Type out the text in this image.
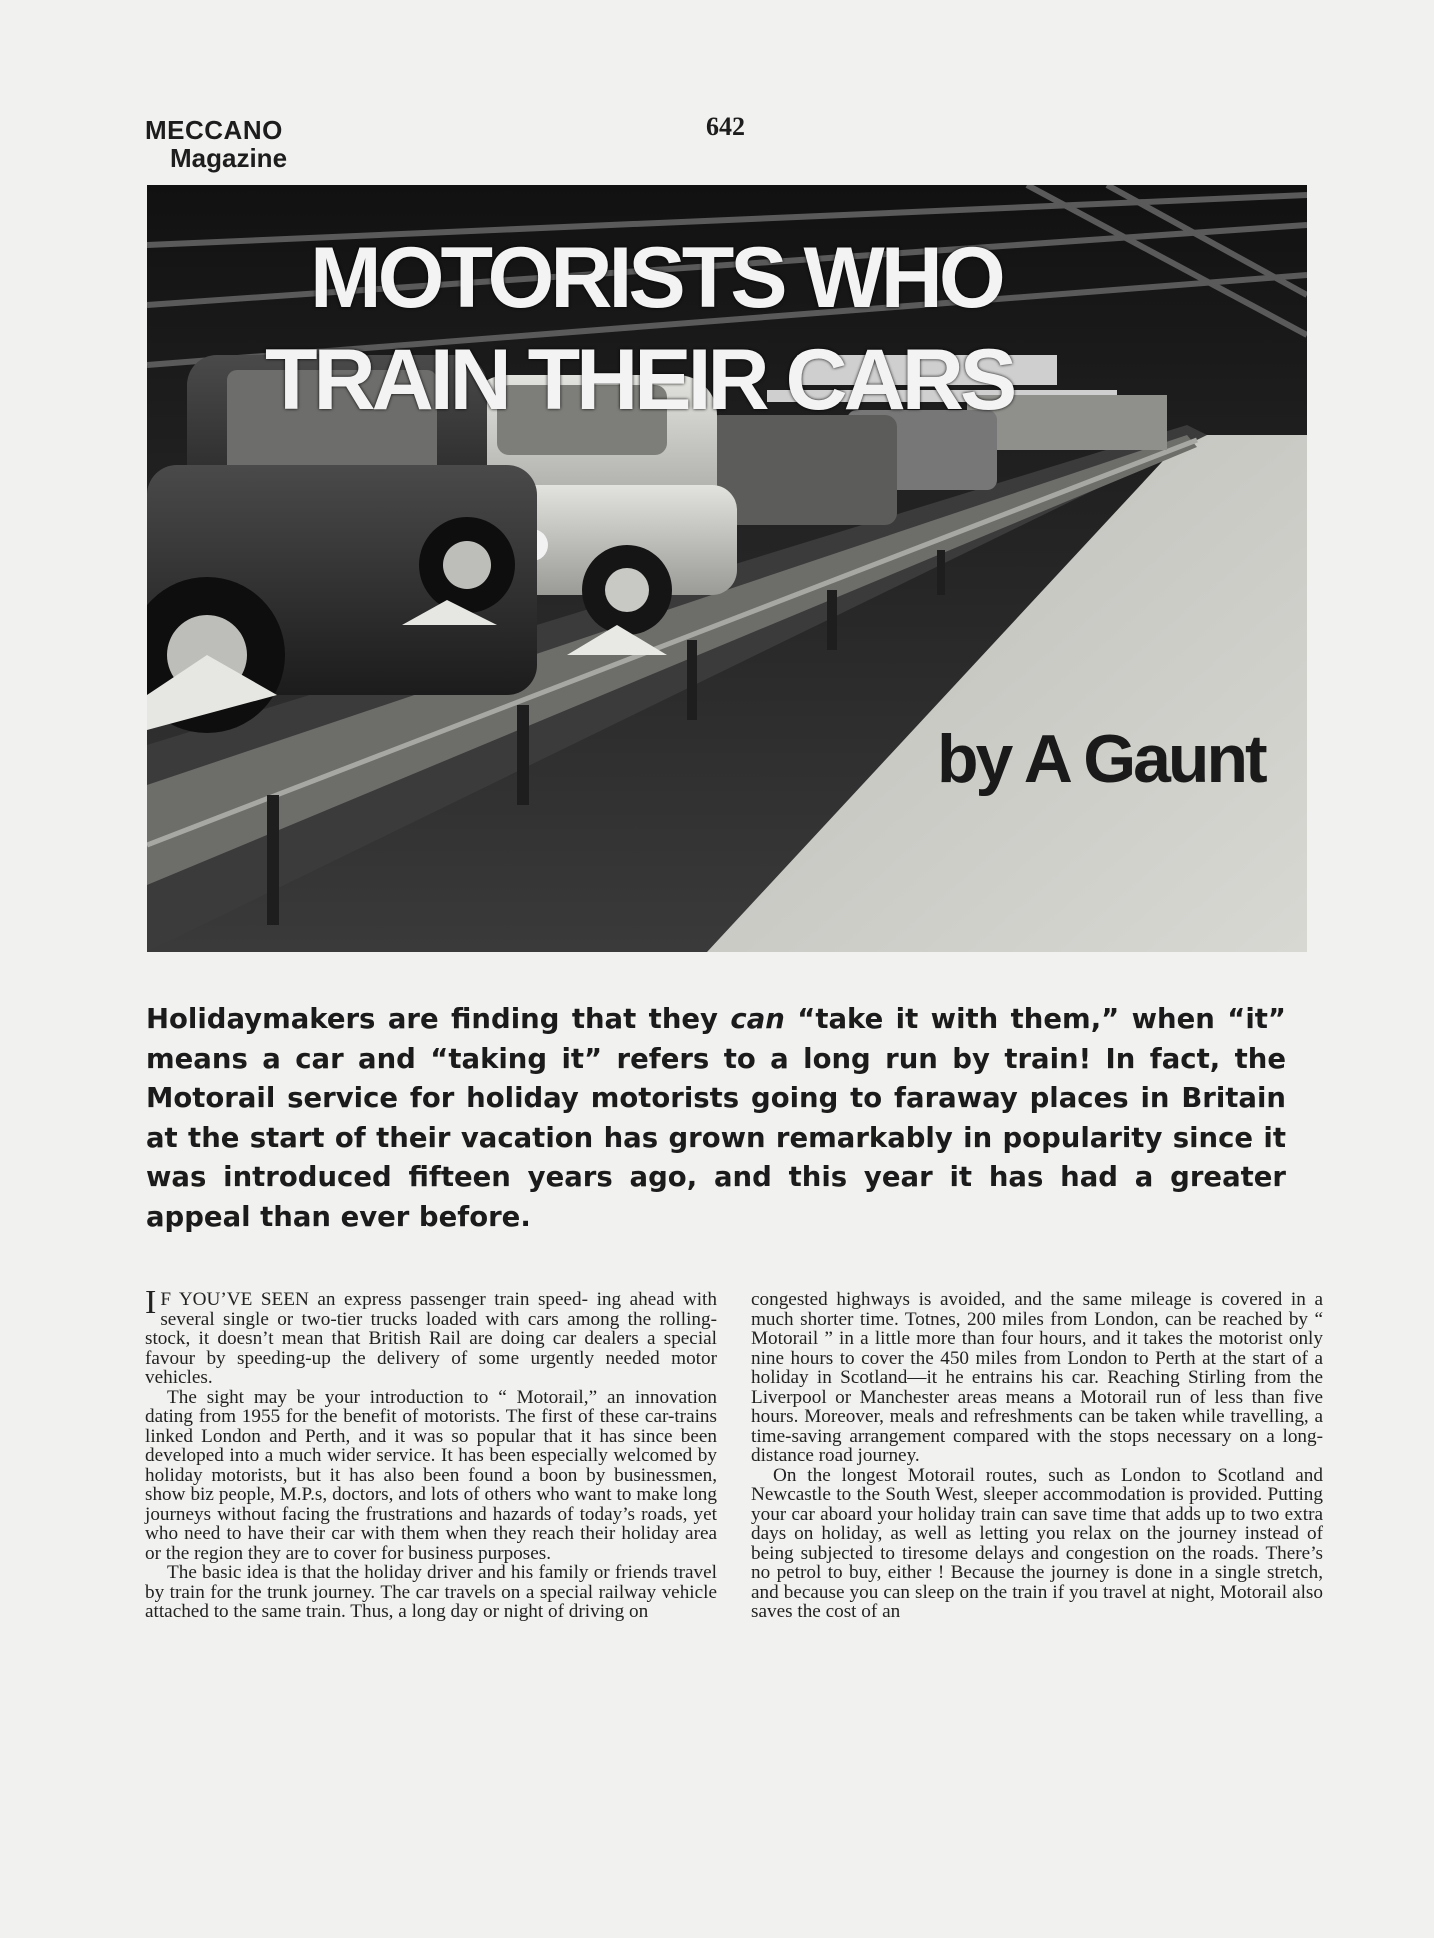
MECCANO
Magazine
642
MOTORISTS WHO
TRAIN THEIR CARS
by A Gaunt
Holidaymakers are finding that they can “take it with them,” when “it” means a car and “taking it” refers to a long run by train! In fact, the Motorail service for holiday motorists going to faraway places in Britain at the start of their vacation has grown remarkably in popularity since it was introduced fifteen years ago, and this year it has had a greater appeal than ever before.

I F YOU’VE SEEN an express passenger train speed- ing ahead with several single or two-tier trucks loaded with cars among the rolling-stock, it doesn’t mean that British Rail are doing car dealers a special favour by speeding-up the delivery of some urgently needed motor vehicles.

The sight may be your introduction to “ Motorail,” an innovation dating from 1955 for the benefit of motorists. The first of these car-trains linked London and Perth, and it was so popular that it has since been developed into a much wider service. It has been especially welcomed by holiday motorists, but it has also been found a boon by businessmen, show biz people, M.P.s, doctors, and lots of others who want to make long journeys without facing the frustrations and hazards of today’s roads, yet who need to have their car with them when they reach their holiday area or the region they are to cover for business purposes.

The basic idea is that the holiday driver and his family or friends travel by train for the trunk journey. The car travels on a special railway vehicle attached to the same train. Thus, a long day or night of driving on

congested highways is avoided, and the same mileage is covered in a much shorter time. Totnes, 200 miles from London, can be reached by “ Motorail ” in a little more than four hours, and it takes the motorist only nine hours to cover the 450 miles from London to Perth at the start of a holiday in Scotland—it he entrains his car. Reaching Stirling from the Liverpool or Manchester areas means a Motorail run of less than five hours. Moreover, meals and refreshments can be taken while travelling, a time-saving arrangement compared with the stops necessary on a long-distance road journey.

On the longest Motorail routes, such as London to Scotland and Newcastle to the South West, sleeper accommodation is provided. Putting your car aboard your holiday train can save time that adds up to two extra days on holiday, as well as letting you relax on the journey instead of being subjected to tiresome delays and congestion on the roads. There’s no petrol to buy, either ! Because the journey is done in a single stretch, and because you can sleep on the train if you travel at night, Motorail also saves the cost of an
